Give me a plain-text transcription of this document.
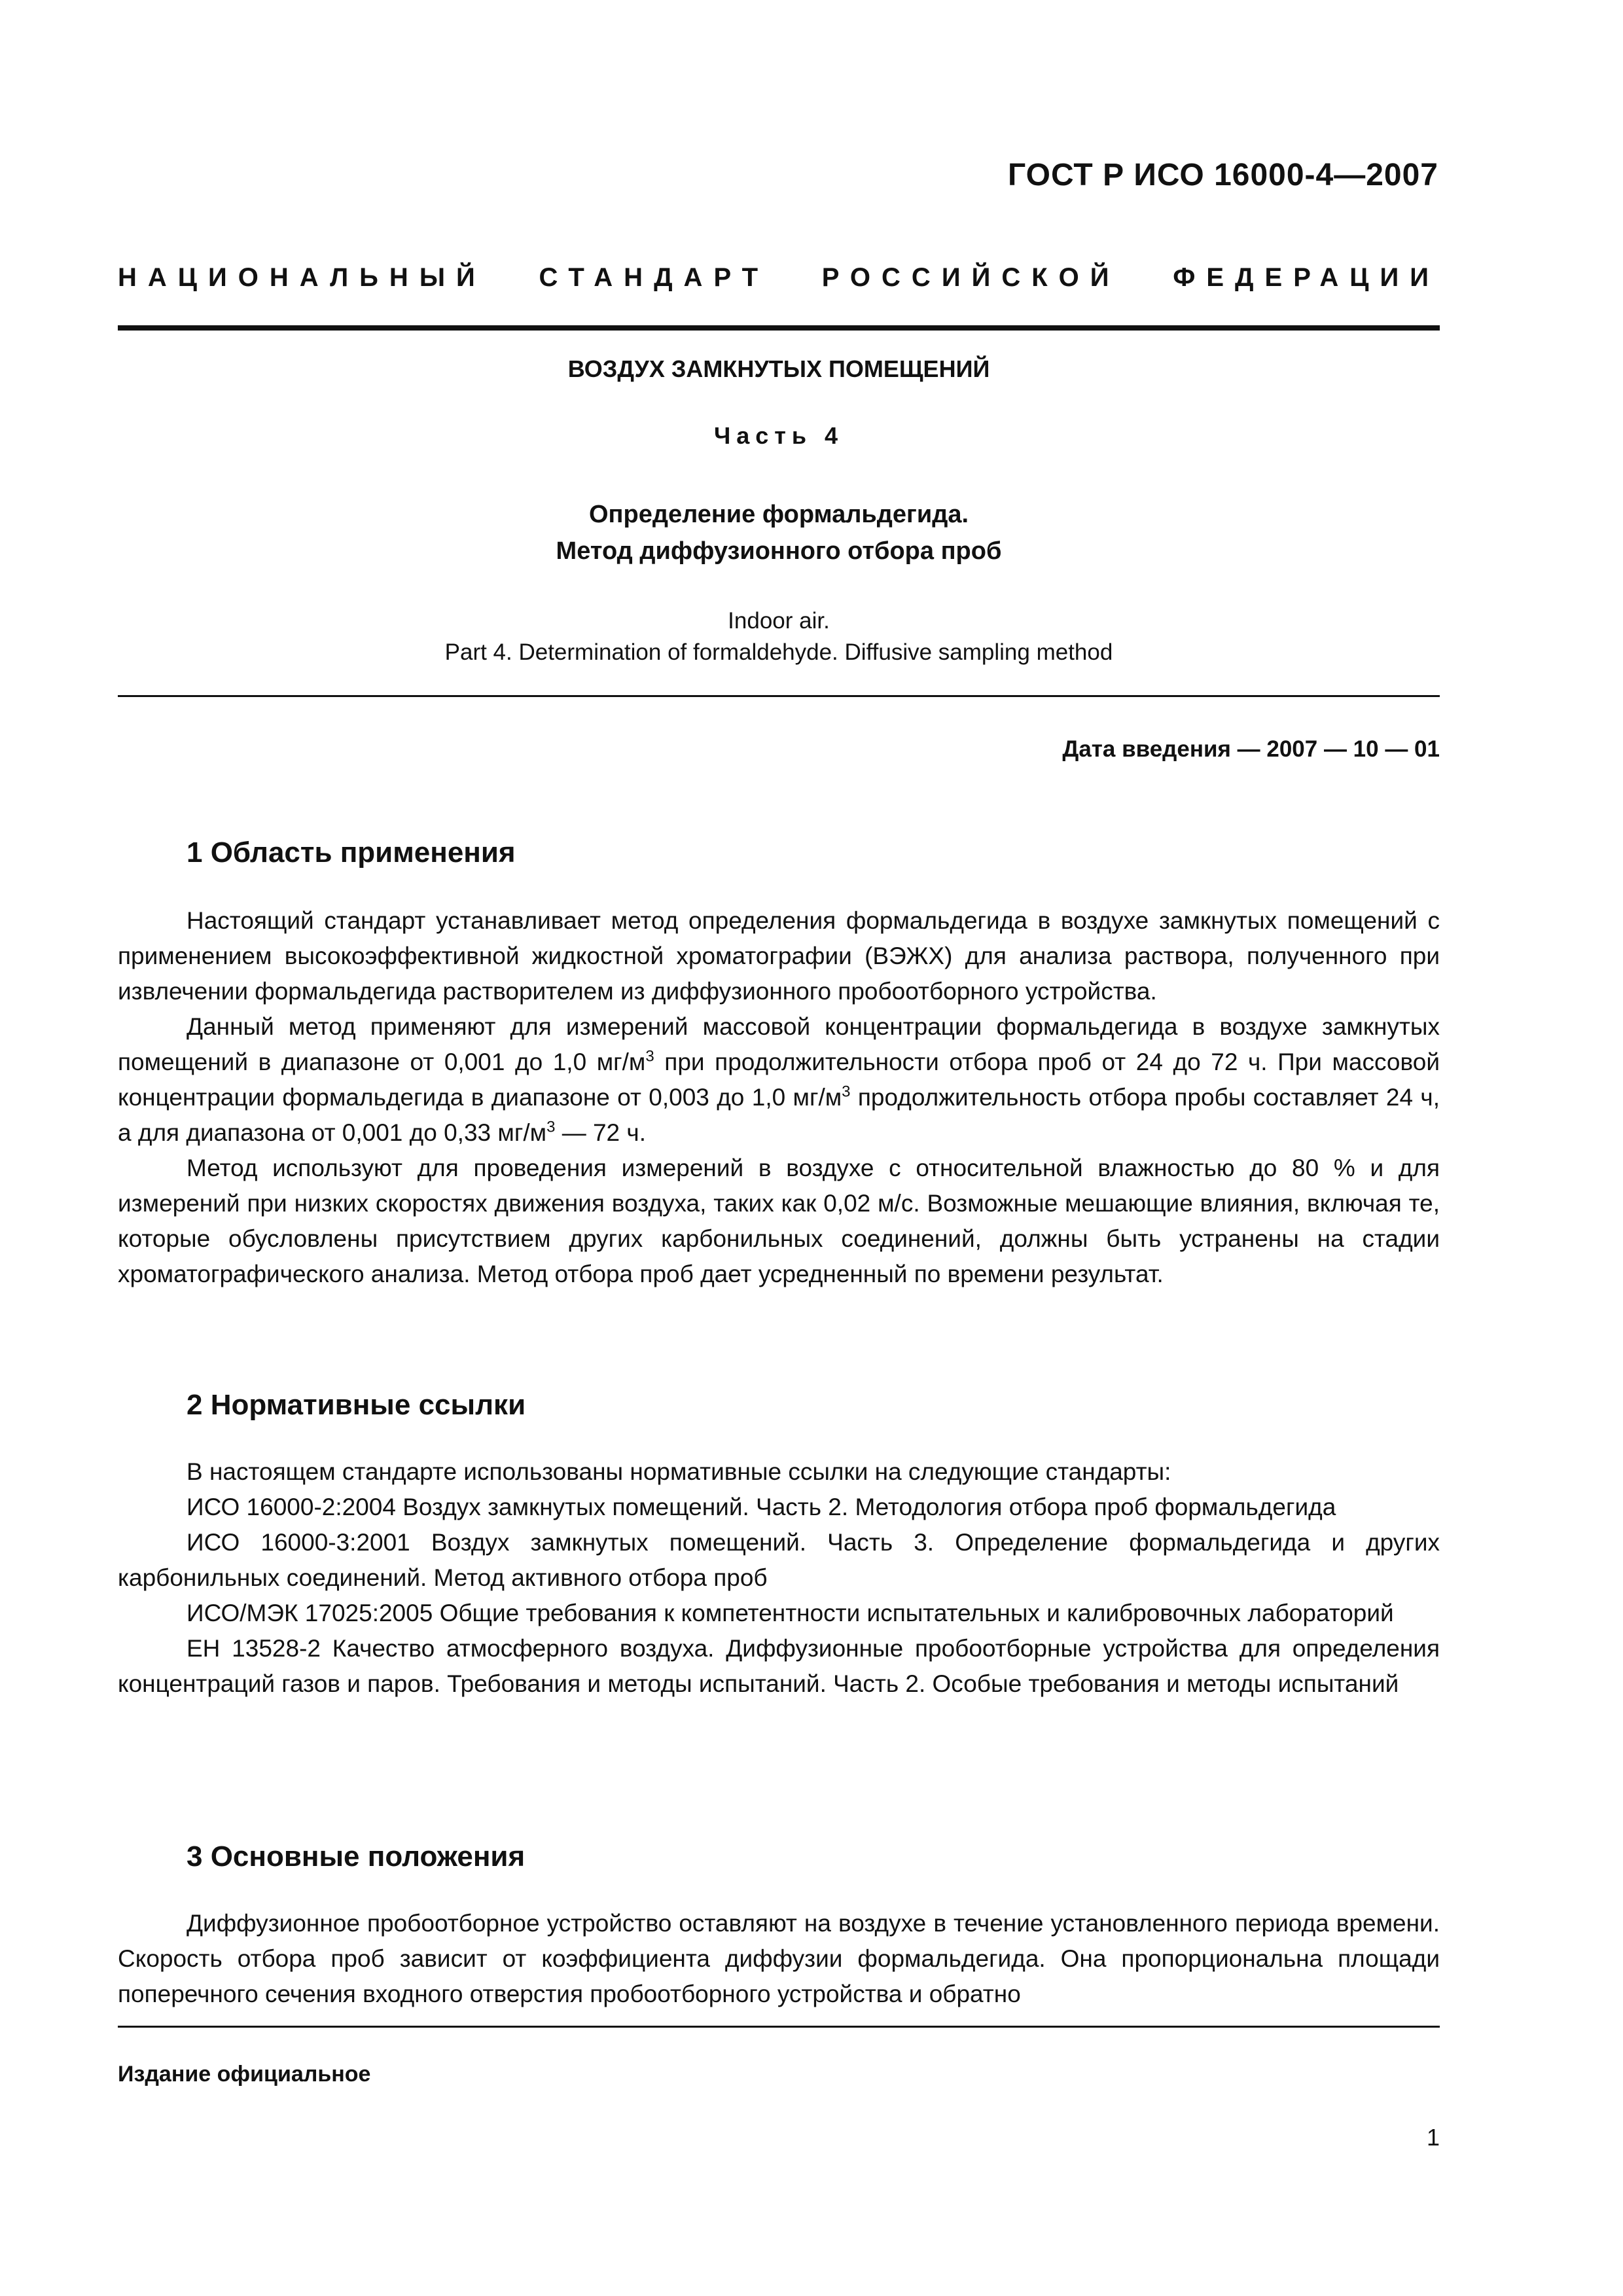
ГОСТ Р ИСО 16000-4—2007
НАЦИОНАЛЬНЫЙ СТАНДАРТ РОССИЙСКОЙ ФЕДЕРАЦИИ
ВОЗДУХ ЗАМКНУТЫХ ПОМЕЩЕНИЙ
Часть 4
Определение формальдегида.
Метод диффузионного отбора проб
Indoor air.
Part 4. Determination of formaldehyde. Diffusive sampling method
Дата введения — 2007 — 10 — 01
1 Область применения

Настоящий стандарт устанавливает метод определения формальдегида в воздухе замкнутых помещений с применением высокоэффективной жидкостной хроматографии (ВЭЖХ) для анализа раствора, полученного при извлечении формальдегида растворителем из диффузионного пробоотборного устройства.

Данный метод применяют для измерений массовой концентрации формальдегида в воздухе замкнутых помещений в диапазоне от 0,001 до 1,0 $мг/м^3$ при продолжительности отбора проб от 24 до 72 ч. При массовой концентрации формальдегида в диапазоне от 0,003 до 1,0 $мг/м^3$ продолжительность отбора пробы составляет 24 ч, а для диапазона от 0,001 до 0,33 $мг/м^3$ — 72 ч.

Метод используют для проведения измерений в воздухе с относительной влажностью до 80 % и для измерений при низких скоростях движения воздуха, таких как 0,02 м/с. Возможные мешающие влияния, включая те, которые обусловлены присутствием других карбонильных соединений, должны быть устранены на стадии хроматографического анализа. Метод отбора проб дает усредненный по времени результат.

2 Нормативные ссылки

В настоящем стандарте использованы нормативные ссылки на следующие стандарты:

ИСО 16000-2:2004 Воздух замкнутых помещений. Часть 2. Методология отбора проб формальдегида

ИСО 16000-3:2001 Воздух замкнутых помещений. Часть 3. Определение формальдегида и других карбонильных соединений. Метод активного отбора проб

ИСО/МЭК 17025:2005 Общие требования к компетентности испытательных и калибровочных лабораторий

ЕН 13528-2 Качество атмосферного воздуха. Диффузионные пробоотборные устройства для определения концентраций газов и паров. Требования и методы испытаний. Часть 2. Особые требования и методы испытаний

3 Основные положения

Диффузионное пробоотборное устройство оставляют на воздухе в течение установленного периода времени. Скорость отбора проб зависит от коэффициента диффузии формальдегида. Она пропорциональна площади поперечного сечения входного отверстия пробоотборного устройства и обратно

Издание официальное
1
